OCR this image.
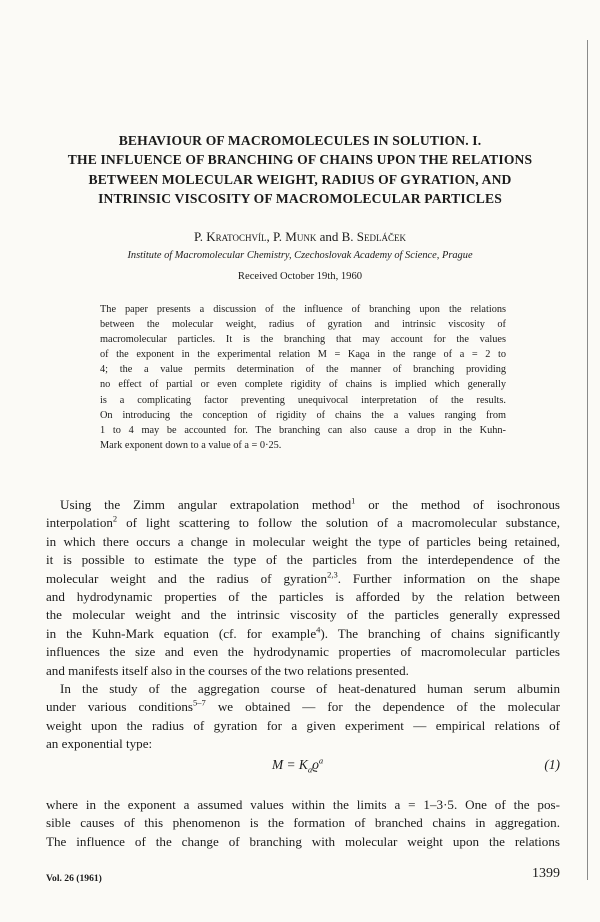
BEHAVIOUR OF MACROMOLECULES IN SOLUTION. I.
THE INFLUENCE OF BRANCHING OF CHAINS UPON THE RELATIONS
BETWEEN MOLECULAR WEIGHT, RADIUS OF GYRATION, AND
INTRINSIC VISCOSITY OF MACROMOLECULAR PARTICLES
P. Kratochvíl, P. Munk and B. Sedláček
Institute of Macromolecular Chemistry, Czechoslovak Academy of Science, Prague
Received October 19th, 1960
The paper presents a discussion of the influence of branching upon the relations
between the molecular weight, radius of gyration and intrinsic viscosity of
macromolecular particles. It is the branching that may account for the values
of the exponent in the experimental relation M = Kaϱa in the range of a = 2 to
4; the a value permits determination of the manner of branching providing
no effect of partial or even complete rigidity of chains is implied which generally
is a complicating factor preventing unequivocal interpretation of the results.
On introducing the conception of rigidity of chains the a values ranging from
1 to 4 may be accounted for. The branching can also cause a drop in the Kuhn-
Mark exponent down to a value of a = 0·25.
Using the Zimm angular extrapolation method$^1$ or the method of isochronous
interpolation$^2$ of light scattering to follow the solution of a macromolecular substance,
in which there occurs a change in molecular weight the type of particles being retained,
it is possible to estimate the type of the particles from the interdependence of the
molecular weight and the radius of gyration$^{2,3}$. Further information on the shape
and hydrodynamic properties of the particles is afforded by the relation between
the molecular weight and the intrinsic viscosity of the particles generally expressed
in the Kuhn-Mark equation (cf. for example$^4$). The branching of chains significantly
influences the size and even the hydrodynamic properties of macromolecular particles
and manifests itself also in the courses of the two relations presented.
In the study of the aggregation course of heat-denatured human serum albumin
under various conditions$^{5-7}$ we obtained — for the dependence of the molecular
weight upon the radius of gyration for a given experiment — empirical relations of
an exponential type:
$M = K_aϱ^a$	(1)
where in the exponent a assumed values within the limits a = 1–3·5. One of the pos-
sible causes of this phenomenon is the formation of branched chains in aggregation.
The influence of the change of branching with molecular weight upon the relations
Vol. 26 (1961)	1399
